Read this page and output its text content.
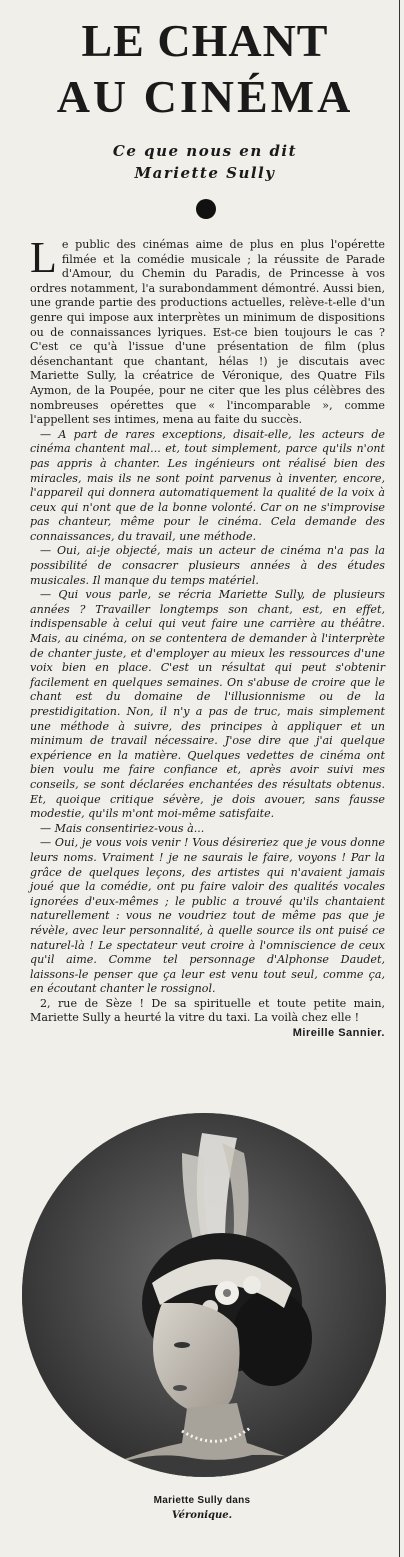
LE CHANT
AU CINÉMA
Ce que nous en dit
Mariette Sully

Le public des cinémas aime de plus en plus l'opérette filmée et la comédie musicale ; la réussite de Parade d'Amour, du Chemin du Paradis, de Princesse à vos ordres notamment, l'a surabondamment démontré. Aussi bien, une grande partie des productions actuelles, relève-t-elle d'un genre qui impose aux interprètes un minimum de dispositions ou de connaissances lyriques. Est-ce bien toujours le cas ? C'est ce qu'à l'issue d'une présentation de film (plus désenchantant que chantant, hélas !) je discutais avec Mariette Sully, la créatrice de Véronique, des Quatre Fils Aymon, de la Poupée, pour ne citer que les plus célèbres des nombreuses opérettes que « l'incomparable », comme l'appellent ses intimes, mena au faite du succès.

— A part de rares exceptions, disait-elle, les acteurs de cinéma chantent mal... et, tout simplement, parce qu'ils n'ont pas appris à chanter. Les ingénieurs ont réalisé bien des miracles, mais ils ne sont point parvenus à inventer, encore, l'appareil qui donnera automatiquement la qualité de la voix à ceux qui n'ont que de la bonne volonté. Car on ne s'improvise pas chanteur, même pour le cinéma. Cela demande des connaissances, du travail, une méthode.

— Oui, ai-je objecté, mais un acteur de cinéma n'a pas la possibilité de consacrer plusieurs années à des études musicales. Il manque du temps matériel.

— Qui vous parle, se récria Mariette Sully, de plusieurs années ? Travailler longtemps son chant, est, en effet, indispensable à celui qui veut faire une carrière au théâtre. Mais, au cinéma, on se contentera de demander à l'interprète de chanter juste, et d'employer au mieux les ressources d'une voix bien en place. C'est un résultat qui peut s'obtenir facilement en quelques semaines. On s'abuse de croire que le chant est du domaine de l'illusionnisme ou de la prestidigitation. Non, il n'y a pas de truc, mais simplement une méthode à suivre, des principes à appliquer et un minimum de travail nécessaire. J'ose dire que j'ai quelque expérience en la matière. Quelques vedettes de cinéma ont bien voulu me faire confiance et, après avoir suivi mes conseils, se sont déclarées enchantées des résultats obtenus. Et, quoique critique sévère, je dois avouer, sans fausse modestie, qu'ils m'ont moi-même satisfaite.

— Mais consentiriez-vous à...

— Oui, je vous vois venir ! Vous désireriez que je vous donne leurs noms. Vraiment ! je ne saurais le faire, voyons ! Par la grâce de quelques leçons, des artistes qui n'avaient jamais joué que la comédie, ont pu faire valoir des qualités vocales ignorées d'eux-mêmes ; le public a trouvé qu'ils chantaient naturellement : vous ne voudriez tout de même pas que je révèle, avec leur personnalité, à quelle source ils ont puisé ce naturel-là ! Le spectateur veut croire à l'omniscience de ceux qu'il aime. Comme tel personnage d'Alphonse Daudet, laissons-le penser que ça leur est venu tout seul, comme ça, en écoutant chanter le rossignol.

2, rue de Sèze ! De sa spirituelle et toute petite main, Mariette Sully a heurté la vitre du taxi. La voilà chez elle !

Mireille Sannier.
Mariette Sully dans
Véronique.
